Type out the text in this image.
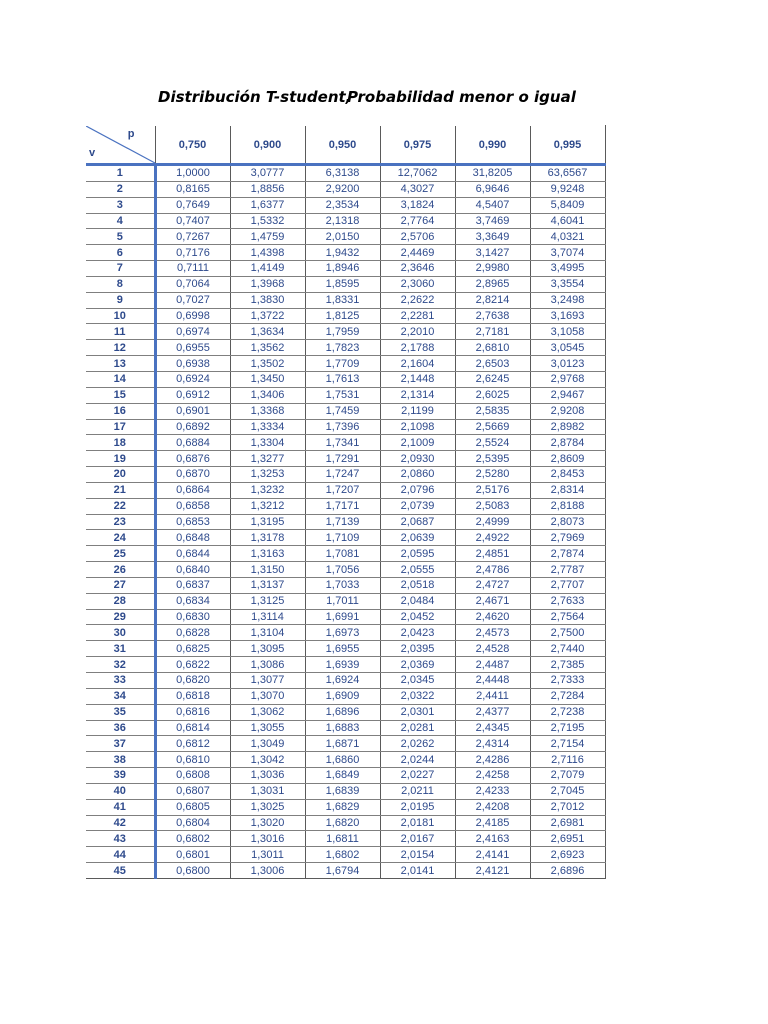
Distribución T-student,
Probabilidad menor o igual
p
v	0,750	0,900	0,950	0,975	0,990	0,995
1	1,0000	3,0777	6,3138	12,7062	31,8205	63,6567
2	0,8165	1,8856	2,9200	4,3027	6,9646	9,9248
3	0,7649	1,6377	2,3534	3,1824	4,5407	5,8409
4	0,7407	1,5332	2,1318	2,7764	3,7469	4,6041
5	0,7267	1,4759	2,0150	2,5706	3,3649	4,0321
6	0,7176	1,4398	1,9432	2,4469	3,1427	3,7074
7	0,7111	1,4149	1,8946	2,3646	2,9980	3,4995
8	0,7064	1,3968	1,8595	2,3060	2,8965	3,3554
9	0,7027	1,3830	1,8331	2,2622	2,8214	3,2498
10	0,6998	1,3722	1,8125	2,2281	2,7638	3,1693
11	0,6974	1,3634	1,7959	2,2010	2,7181	3,1058
12	0,6955	1,3562	1,7823	2,1788	2,6810	3,0545
13	0,6938	1,3502	1,7709	2,1604	2,6503	3,0123
14	0,6924	1,3450	1,7613	2,1448	2,6245	2,9768
15	0,6912	1,3406	1,7531	2,1314	2,6025	2,9467
16	0,6901	1,3368	1,7459	2,1199	2,5835	2,9208
17	0,6892	1,3334	1,7396	2,1098	2,5669	2,8982
18	0,6884	1,3304	1,7341	2,1009	2,5524	2,8784
19	0,6876	1,3277	1,7291	2,0930	2,5395	2,8609
20	0,6870	1,3253	1,7247	2,0860	2,5280	2,8453
21	0,6864	1,3232	1,7207	2,0796	2,5176	2,8314
22	0,6858	1,3212	1,7171	2,0739	2,5083	2,8188
23	0,6853	1,3195	1,7139	2,0687	2,4999	2,8073
24	0,6848	1,3178	1,7109	2,0639	2,4922	2,7969
25	0,6844	1,3163	1,7081	2,0595	2,4851	2,7874
26	0,6840	1,3150	1,7056	2,0555	2,4786	2,7787
27	0,6837	1,3137	1,7033	2,0518	2,4727	2,7707
28	0,6834	1,3125	1,7011	2,0484	2,4671	2,7633
29	0,6830	1,3114	1,6991	2,0452	2,4620	2,7564
30	0,6828	1,3104	1,6973	2,0423	2,4573	2,7500
31	0,6825	1,3095	1,6955	2,0395	2,4528	2,7440
32	0,6822	1,3086	1,6939	2,0369	2,4487	2,7385
33	0,6820	1,3077	1,6924	2,0345	2,4448	2,7333
34	0,6818	1,3070	1,6909	2,0322	2,4411	2,7284
35	0,6816	1,3062	1,6896	2,0301	2,4377	2,7238
36	0,6814	1,3055	1,6883	2,0281	2,4345	2,7195
37	0,6812	1,3049	1,6871	2,0262	2,4314	2,7154
38	0,6810	1,3042	1,6860	2,0244	2,4286	2,7116
39	0,6808	1,3036	1,6849	2,0227	2,4258	2,7079
40	0,6807	1,3031	1,6839	2,0211	2,4233	2,7045
41	0,6805	1,3025	1,6829	2,0195	2,4208	2,7012
42	0,6804	1,3020	1,6820	2,0181	2,4185	2,6981
43	0,6802	1,3016	1,6811	2,0167	2,4163	2,6951
44	0,6801	1,3011	1,6802	2,0154	2,4141	2,6923
45	0,6800	1,3006	1,6794	2,0141	2,4121	2,6896
